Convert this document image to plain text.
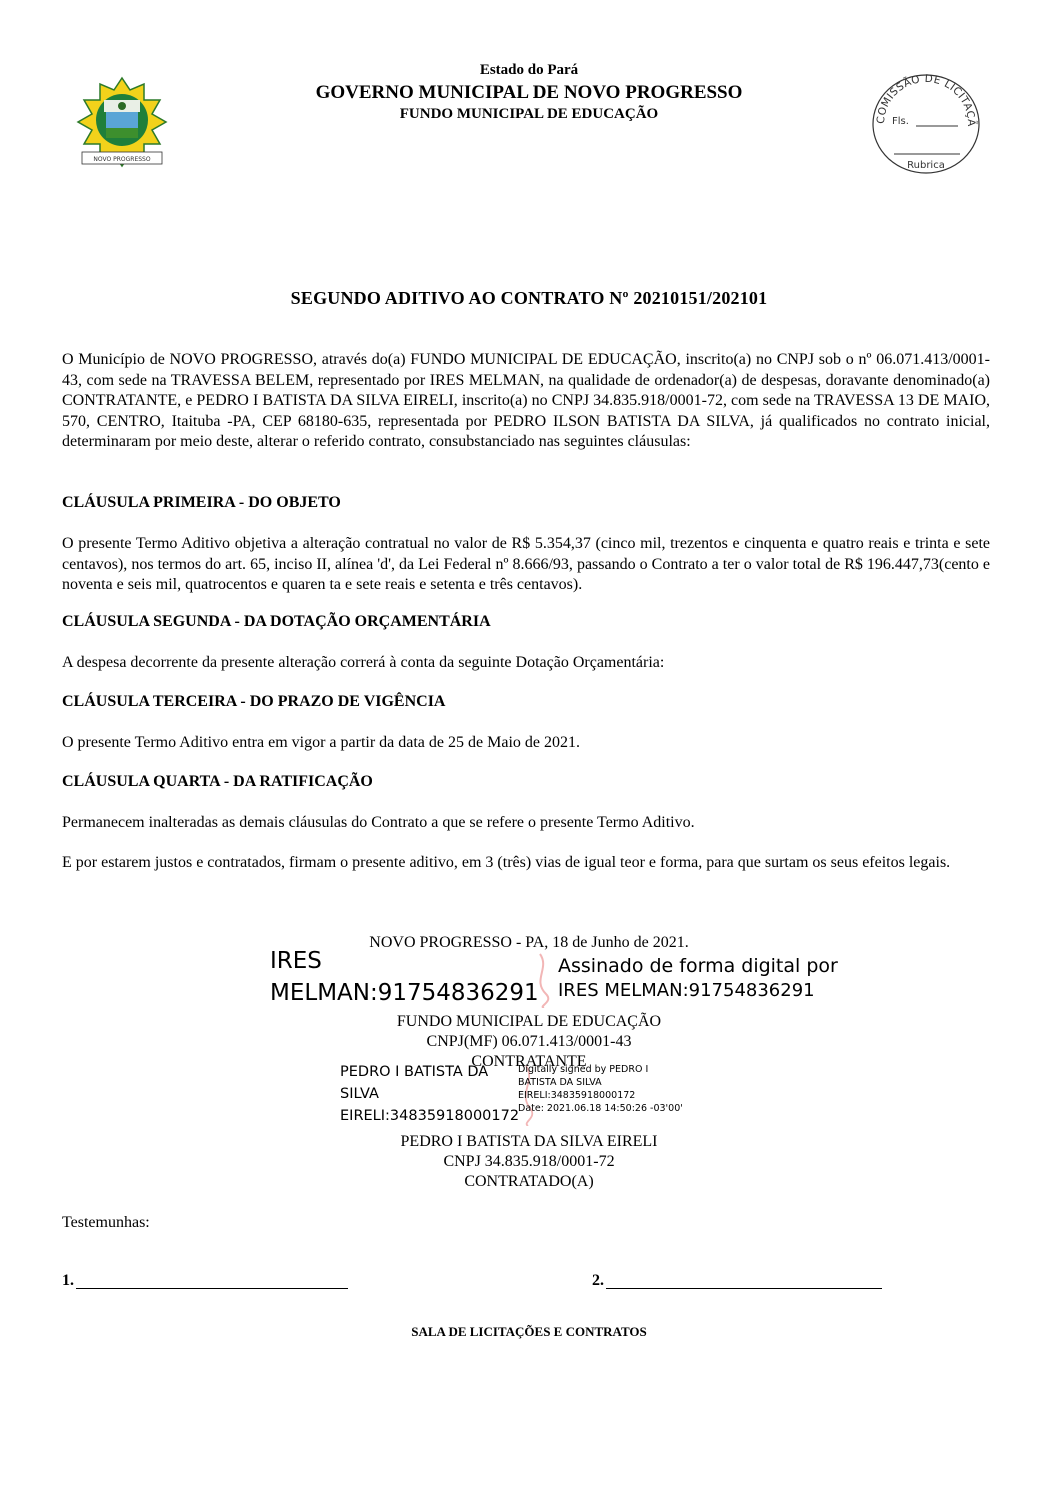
NOVO PROGRESSO
Estado do Pará
GOVERNO MUNICIPAL DE NOVO PROGRESSO
FUNDO MUNICIPAL DE EDUCAÇÃO	COMISSÃO DE LICITAÇÃ
Fls.
Rubrica
SEGUNDO ADITIVO AO CONTRATO Nº 20210151/202101
O Município de NOVO PROGRESSO, através do(a) FUNDO MUNICIPAL DE EDUCAÇÃO, inscrito(a) no CNPJ sob o nº 06.071.413/0001-43, com sede na TRAVESSA BELEM, representado por IRES MELMAN, na qualidade de ordenador(a) de despesas, doravante denominado(a) CONTRATANTE, e PEDRO I BATISTA DA SILVA EIRELI, inscrito(a) no CNPJ 34.835.918/0001-72, com sede na TRAVESSA 13 DE MAIO, 570, CENTRO, Itaituba -PA, CEP 68180-635, representada por PEDRO ILSON BATISTA DA SILVA, já qualificados no contrato inicial, determinaram por meio deste, alterar o referido contrato, consubstanciado nas seguintes cláusulas:
CLÁUSULA PRIMEIRA - DO OBJETO
O presente Termo Aditivo objetiva a alteração contratual no valor de R$ 5.354,37 (cinco mil, trezentos e cinquenta e quatro reais e trinta e sete centavos), nos termos do art. 65, inciso II, alínea 'd', da Lei Federal nº 8.666/93, passando o Contrato a ter o valor total de R$ 196.447,73(cento e noventa e seis mil, quatrocentos e quaren ta e sete reais e setenta e três centavos).
CLÁUSULA SEGUNDA - DA DOTAÇÃO ORÇAMENTÁRIA
A despesa decorrente da presente alteração correrá à conta da seguinte Dotação Orçamentária:
CLÁUSULA TERCEIRA - DO PRAZO DE VIGÊNCIA
O presente Termo Aditivo entra em vigor a partir da data de 25 de Maio de 2021.
CLÁUSULA QUARTA - DA RATIFICAÇÃO
Permanecem inalteradas as demais cláusulas do Contrato a que se refere o presente Termo Aditivo.
E por estarem justos e contratados, firmam o presente aditivo, em 3 (três) vias de igual teor e forma, para que surtam os seus efeitos legais.
NOVO PROGRESSO - PA, 18 de Junho de 2021.
IRES
MELMAN:91754836291
Assinado de forma digital por
IRES MELMAN:91754836291
FUNDO MUNICIPAL DE EDUCAÇÃO
CNPJ(MF) 06.071.413/0001-43
CONTRATANTE
PEDRO I BATISTA DA
SILVA
EIRELI:34835918000172
Digitally signed by PEDRO I
BATISTA DA SILVA
EIRELI:34835918000172
Date: 2021.06.18 14:50:26 -03'00'
PEDRO I BATISTA DA SILVA EIRELI
CNPJ 34.835.918/0001-72
CONTRATADO(A)
Testemunhas:
1.	2.
SALA DE LICITAÇÕES E CONTRATOS
